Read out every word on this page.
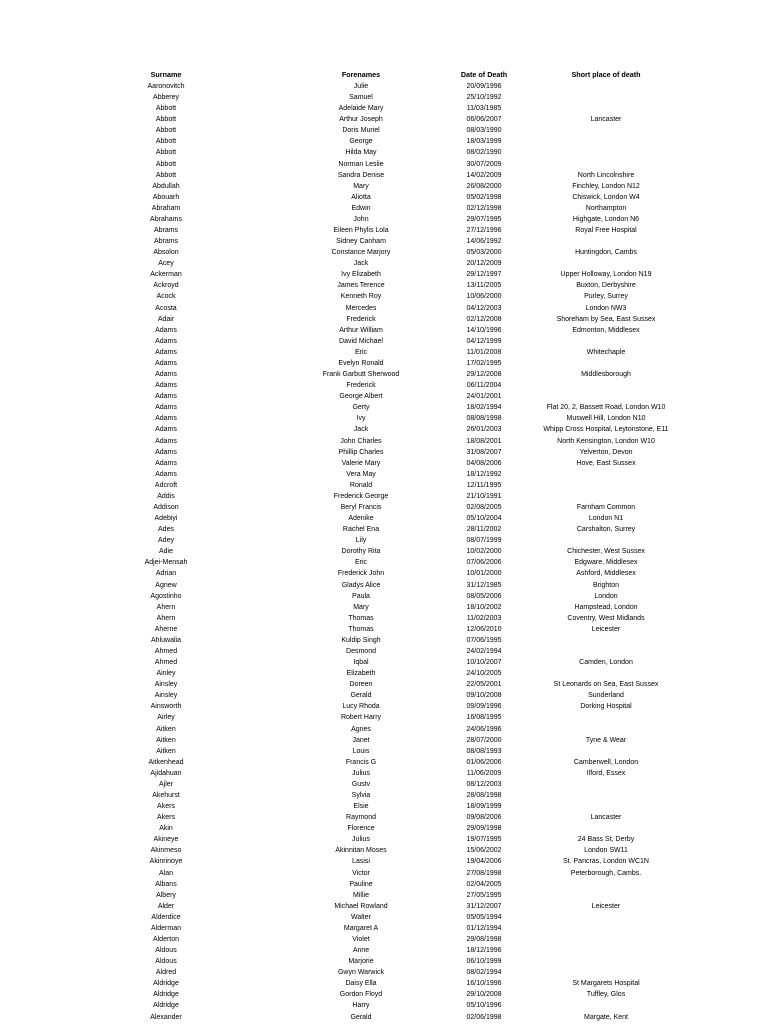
Surname	Forenames	Date of Death	Short place of death
Aaronovitch	Julie	20/09/1996
Abberey	Samuel	25/10/1992
Abbott	Adelaide Mary	11/03/1985
Abbott	Arthur Joseph	06/06/2007	Lancaster
Abbott	Doris Muriel	08/03/1990
Abbott	George	18/03/1999
Abbott	Hilda May	08/02/1990
Abbott	Norman Leslie	30/07/2009
Abbott	Sandra Denise	14/02/2009	North Lincolnshire
Abdullah	Mary	26/08/2000	Finchley, London N12
Abouarh	Aliotta	05/02/1998	Chiswick, London W4
Abraham	Edwin	02/12/1998	Northampton
Abrahams	John	29/07/1995	Highgate, London N6
Abrams	Eileen Phylis Lola	27/12/1996	Royal Free Hospital
Abrams	Sidney Canham	14/06/1992
Absolon	Constance Marjory	05/03/2000	Huntingdon, Cambs
Acey	Jack	20/12/2009
Ackerman	Ivy Elizabeth	29/12/1997	Upper Holloway, London N19
Ackroyd	James Terence	13/11/2005	Buxton, Derbyshire
Acock	Kenneth Roy	10/06/2000	Purley, Surrey
Acosta	Mercedes	04/12/2003	London NW3
Adair	Frederick	02/12/2008	Shoreham by Sea, East Sussex
Adams	Arthur William	14/10/1996	Edmonton, Middlesex
Adams	David Michael	04/12/1999
Adams	Eric	11/01/2008	Whitechaple
Adams	Evelyn Ronald	17/02/1995
Adams	Frank Garbutt Sherwood	29/12/2008	Middlesborough
Adams	Frederick	06/11/2004
Adams	George Albert	24/01/2001
Adams	Gerty	18/02/1994	Flat 20, 2, Bassett Road, London W10
Adams	Ivy	08/08/1998	Muswell Hill, London N10
Adams	Jack	26/01/2003	Whipp Cross Hospital, Leytonstone, E11
Adams	John Charles	18/08/2001	North Kensington, London W10
Adams	Phillip Charles	31/08/2007	Yelverton, Devon
Adams	Valerie Mary	04/08/2006	Hove, East Sussex
Adams	Vera May	18/12/1992
Adcroft	Ronald	12/11/1995
Addis	Frederick George	21/10/1991
Addison	Beryl Francis	02/08/2005	Farnham Common
Adebiyi	Adenike	05/10/2004	London N1
Ades	Rachel Ena	28/11/2002	Carshalton, Surrey
Adey	Lily	08/07/1999
Adie	Dorothy Rita	10/02/2000	Chichester, West Sussex
Adjei-Mensah	Eric	07/06/2006	Edgware, Middlesex
Adrian	Frederick John	10/01/2000	Ashford, Middlesex
Agnew	Gladys Alice	31/12/1985	Brighton
Agostinho	Paula	08/05/2006	London
Ahern	Mary	18/10/2002	Hampstead, London
Ahern	Thomas	11/02/2003	Coventry, West Midlands
Aherne	Thomas	12/06/2010	Leicester
Ahluwalia	Kuldip Singh	07/06/1995
Ahmed	Desmond	24/02/1994
Ahmed	Iqbal	10/10/2007	Camden, London
Ainley	Elizabeth	24/10/2005
Ainsley	Doreen	22/05/2001	St Leonards on Sea, East Sussex
Ainsley	Gerald	09/10/2008	Sunderland
Ainsworth	Lucy Rhoda	09/09/1996	Dorking Hospital
Airley	Robert Harry	16/08/1995
Aitken	Agnes	24/06/1996
Aitken	Janet	28/07/2000	Tyne & Wear
Aitken	Louis	08/08/1993
Aitkenhead	Francis G	01/06/2006	Camberwell, London
Ajidahuan	Julius	11/06/2009	Ilford, Essex
Ajler	Gustv	08/12/2003
Akehurst	Sylvia	28/08/1998
Akers	Elsie	18/09/1999
Akers	Raymond	09/08/2006	Lancaster
Akin	Florence	29/09/1998
Akineye	Julius	19/07/1995	24 Bass St, Derby
Akinmeso	Akinnitan Moses	15/06/2002	London SW11
Akinrinoye	Lasisi	19/04/2006	St. Pancras, London WC1N
Alan	Victor	27/08/1998	Peterborough, Cambs.
Albans	Pauline	02/04/2005
Albery	Millie	27/05/1995
Alder	Michael Rowland	31/12/2007	Leicester
Alderdice	Walter	05/05/1994
Alderman	Margaret A	01/12/1994
Alderton	Violet	29/08/1998
Aldous	Anne	18/12/1996
Aldous	Marjorie	06/10/1999
Aldred	Gwyn Warwick	08/02/1994
Aldridge	Daisy Ella	16/10/1996	St Margarets Hospital
Aldridge	Gordon Floyd	29/10/2008	Tuffley, Glos
Aldridge	Harry	05/10/1996
Alexander	Gerald	02/06/1998	Margate, Kent
